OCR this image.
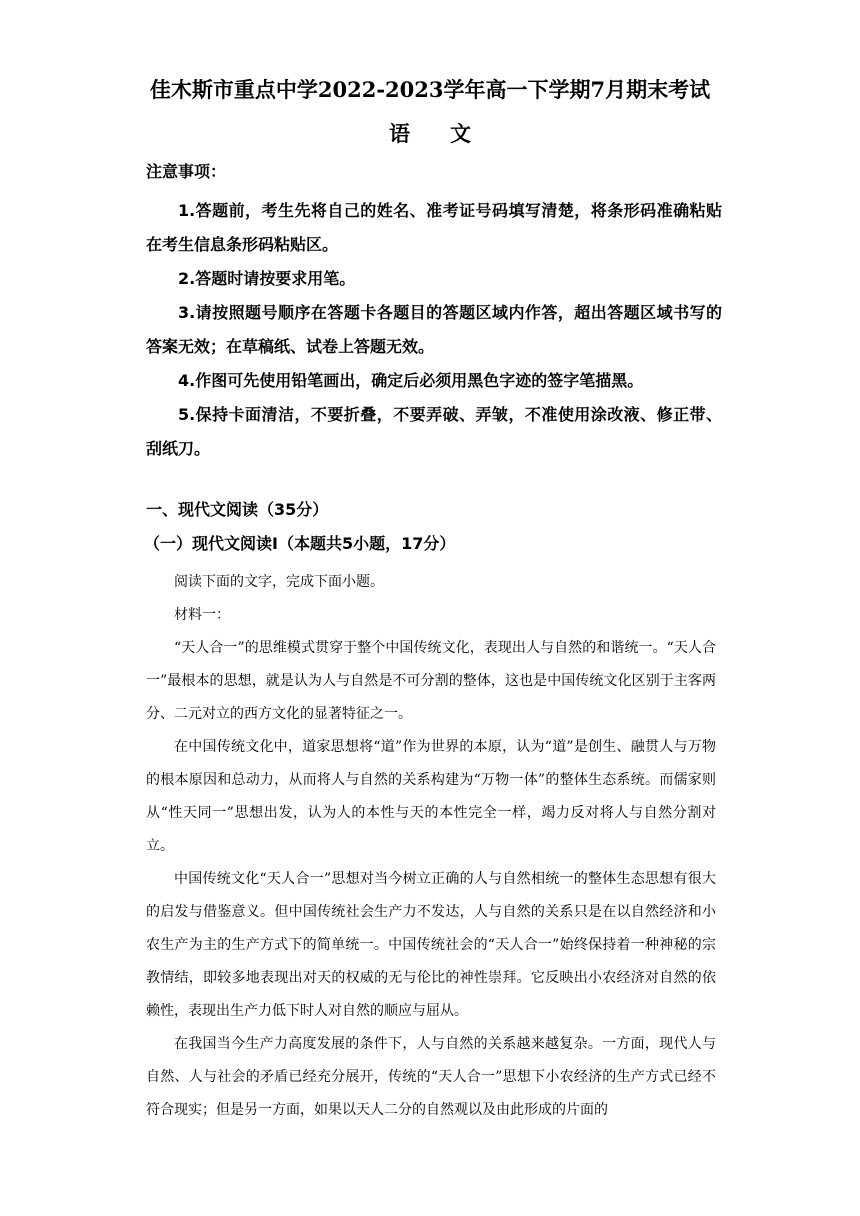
佳木斯市重点中学2022-2023学年高一下学期7月期末考试
语文
注意事项：
1.答题前，考生先将自己的姓名、准考证号码填写清楚，将条形码准确粘贴在考生信息条形码粘贴区。
2.答题时请按要求用笔。
3.请按照题号顺序在答题卡各题目的答题区域内作答，超出答题区域书写的答案无效；在草稿纸、试卷上答题无效。
4.作图可先使用铅笔画出，确定后必须用黑色字迹的签字笔描黑。
5.保持卡面清洁，不要折叠，不要弄破、弄皱，不准使用涂改液、修正带、刮纸刀。
一、现代文阅读（35分）
（一）现代文阅读Ⅰ（本题共5小题，17分）

阅读下面的文字，完成下面小题。

材料一：

“天人合一”的思维模式贯穿于整个中国传统文化，表现出人与自然的和谐统一。“天人合一”最根本的思想，就是认为人与自然是不可分割的整体，这也是中国传统文化区别于主客两分、二元对立的西方文化的显著特征之一。

在中国传统文化中，道家思想将“道”作为世界的本原，认为“道”是创生、融贯人与万物的根本原因和总动力，从而将人与自然的关系构建为“万物一体”的整体生态系统。而儒家则从“性天同一”思想出发，认为人的本性与天的本性完全一样，竭力反对将人与自然分割对立。

中国传统文化“天人合一”思想对当今树立正确的人与自然相统一的整体生态思想有很大的启发与借鉴意义。但中国传统社会生产力不发达，人与自然的关系只是在以自然经济和小农生产为主的生产方式下的简单统一。中国传统社会的“天人合一”始终保持着一种神秘的宗教情结，即较多地表现出对天的权威的无与伦比的神性崇拜。它反映出小农经济对自然的依赖性，表现出生产力低下时人对自然的顺应与屈从。

在我国当今生产力高度发展的条件下，人与自然的关系越来越复杂。一方面，现代人与自然、人与社会的矛盾已经充分展开，传统的“天人合一”思想下小农经济的生产方式已经不符合现实；但是另一方面，如果以天人二分的自然观以及由此形成的片面的
